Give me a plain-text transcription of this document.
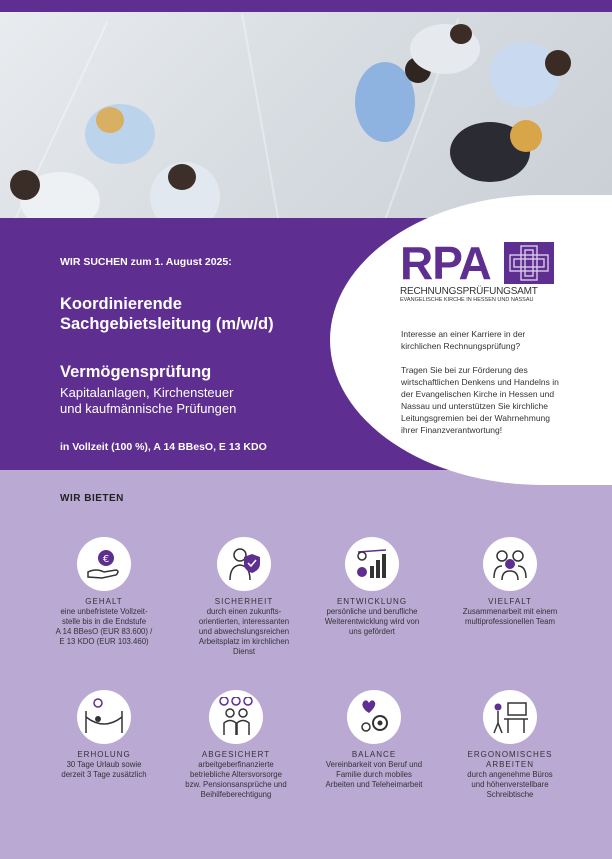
WIR SUCHEN zum 1. August 2025:
Koordinierende
Sachgebietsleitung (m/w/d)
Vermögensprüfung
Kapitalanlagen, Kirchensteuer
und kaufmännische Prüfungen
in Vollzeit (100 %), A 14 BBesO, E 13 KDO
RPA
RECHNUNGSPRÜFUNGSAMT
EVANGELISCHE KIRCHE IN HESSEN UND NASSAU

Interesse an einer Karriere in der kirchlichen Rechnungsprüfung?

Tragen Sie bei zur Förderung des wirtschaftlichen Denkens und Handelns in der Evangelischen Kirche in Hessen und Nassau und unterstützen Sie kirchliche Leitungsgremien bei der Wahrnehmung ihrer Finanzverantwortung!

WIR BIETEN
€
GEHALT
eine unbefristete Vollzeit-
stelle bis in die Endstufe
A 14 BBesO (EUR 83.600) /
E 13 KDO (EUR 103.460)
SICHERHEIT
durch einen zukunfts-
orientierten, interessanten
und abwechslungsreichen
Arbeitsplatz im kirchlichen
Dienst
ENTWICKLUNG
persönliche und berufliche
Weiterentwicklung wird von
uns gefördert
VIELFALT
Zusammenarbeit mit einem
multiprofessionellen Team
ERHOLUNG
30 Tage Urlaub sowie
derzeit 3 Tage zusätzlich
ABGESICHERT
arbeitgeberfinanzierte
betriebliche Altersvorsorge
bzw. Pensionsansprüche und
Beihilfeberechtigung
BALANCE
Vereinbarkeit von Beruf und
Familie durch mobiles
Arbeiten und Teleheimarbeit
ERGONOMISCHES
ARBEITEN
durch angenehme Büros
und höhenverstellbare
Schreibtische
